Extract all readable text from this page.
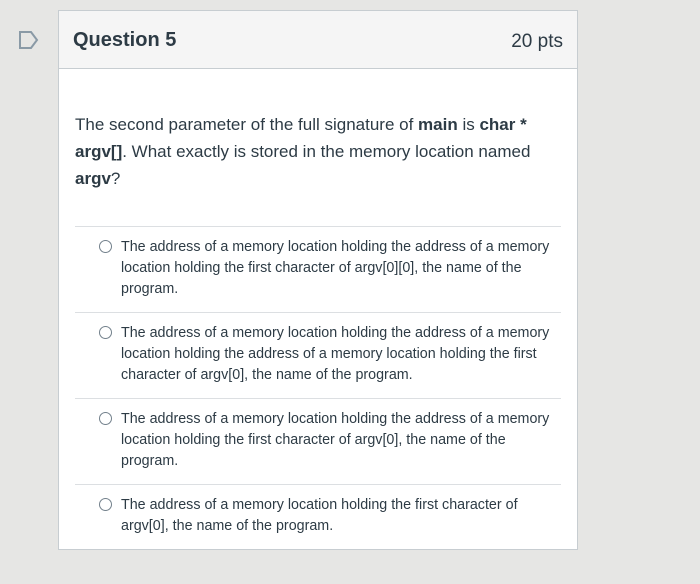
Question 5	20 pts

The second parameter of the full signature of main is char * argv[]. What exactly is stored in the memory location named argv?

The address of a memory location holding the address of a memory location holding the first character of argv[0][0], the name of the program.
The address of a memory location holding the address of a memory location holding the address of a memory location holding the first character of argv[0], the name of the program.
The address of a memory location holding the address of a memory location holding the first character of argv[0], the name of the program.
The address of a memory location holding the first character of argv[0], the name of the program.
